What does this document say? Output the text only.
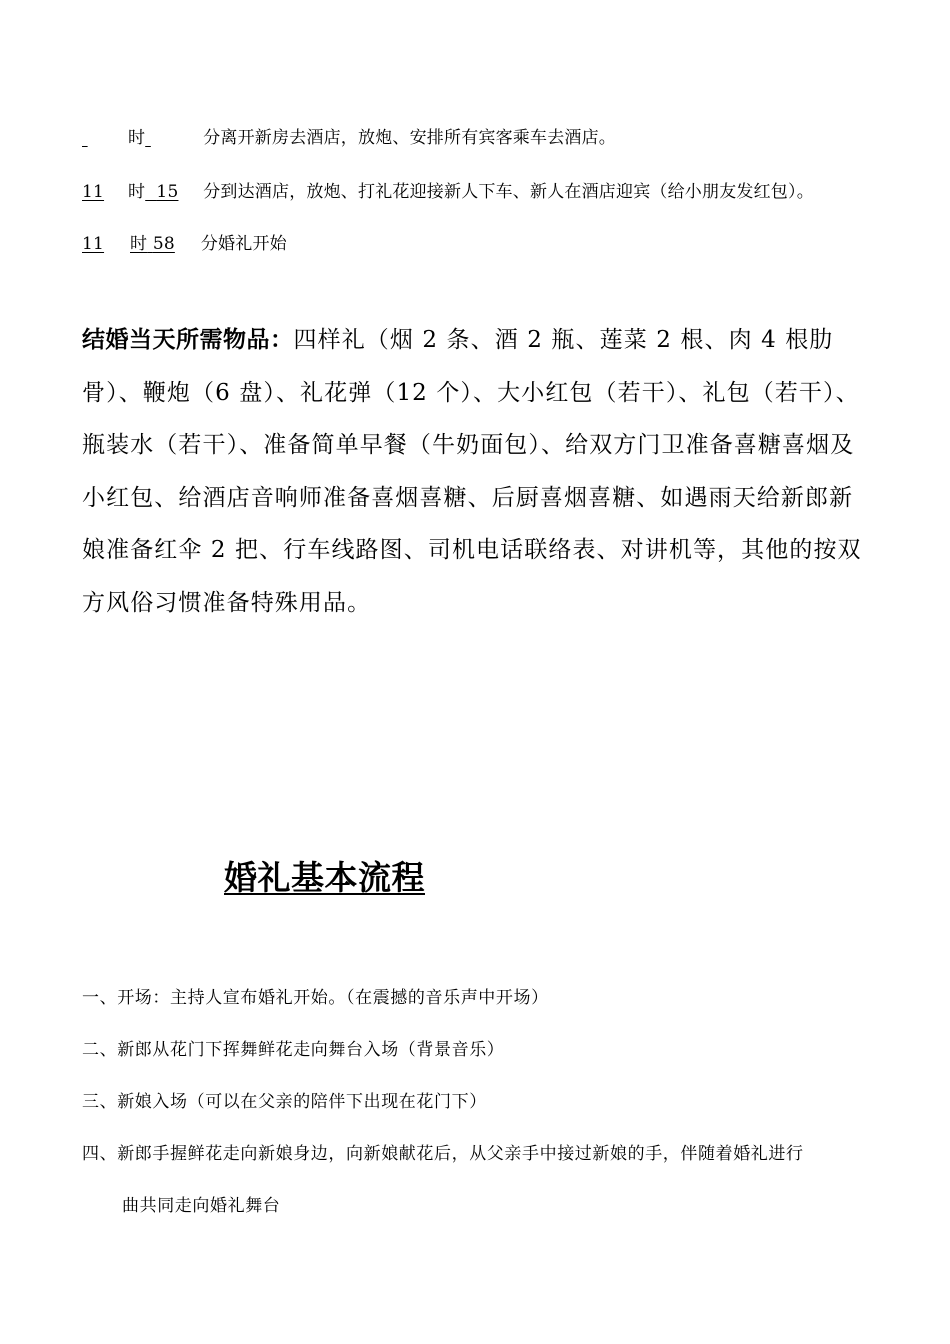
时	分离开新房去酒店，放炮、安排所有宾客乘车去酒店。
11 时 15 分到达酒店，放炮、打礼花迎接新人下车、新人在酒店迎宾（给小朋友发红包）。
11 时 58 分婚礼开始
结婚当天所需物品：四样礼（烟 2 条、酒 2 瓶、莲菜 2 根、肉 4 根肋骨）、鞭炮（6 盘）、礼花弹（12 个）、大小红包（若干）、礼包（若干）、瓶装水（若干）、准备简单早餐（牛奶面包）、给双方门卫准备喜糖喜烟及小红包、给酒店音响师准备喜烟喜糖、后厨喜烟喜糖、如遇雨天给新郎新娘准备红伞 2 把、行车线路图、司机电话联络表、对讲机等，其他的按双方风俗习惯准备特殊用品。
婚礼基本流程
一、开场：主持人宣布婚礼开始。（在震撼的音乐声中开场）
二、新郎从花门下挥舞鲜花走向舞台入场（背景音乐）
三、新娘入场（可以在父亲的陪伴下出现在花门下）
四、新郎手握鲜花走向新娘身边，向新娘献花后，从父亲手中接过新娘的手，伴随着婚礼进行
曲共同走向婚礼舞台
